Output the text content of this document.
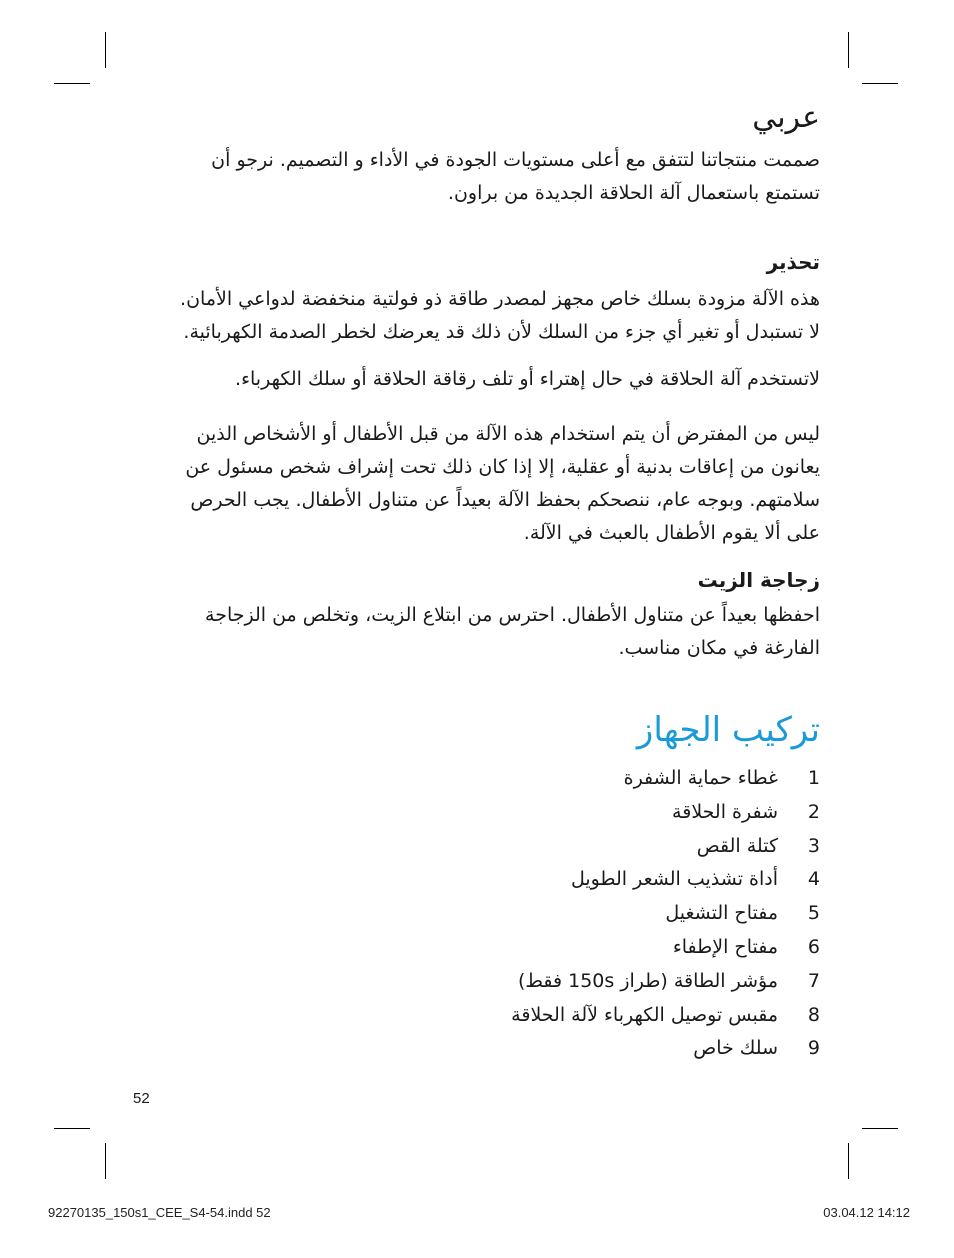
عربي
صممت منتجاتنا لتتفق مع أعلى مستويات الجودة في الأداء و التصميم. نرجو أن
تستمتع باستعمال آلة الحلاقة الجديدة من براون.
تحذير
هذه الآلة مزودة بسلك خاص مجهز لمصدر طاقة ذو فولتية منخفضة لدواعي الأمان.
لا تستبدل أو تغير أي جزء من السلك لأن ذلك قد يعرضك لخطر الصدمة الكهربائية.
لاتستخدم آلة الحلاقة في حال إهتراء أو تلف رقاقة الحلاقة أو سلك الكهرباء.
ليس من المفترض أن يتم استخدام هذه الآلة من قبل الأطفال أو الأشخاص الذين
يعانون من إعاقات بدنية أو عقلية، إلا إذا كان ذلك تحت إشراف شخص مسئول عن
سلامتهم. وبوجه عام، ننصحكم بحفظ الآلة بعيداً عن متناول الأطفال. يجب الحرص
على ألا يقوم الأطفال بالعبث في الآلة.
زجاجة الزيت
احفظها بعيداً عن متناول الأطفال. احترس من ابتلاع الزيت، وتخلص من الزجاجة
الفارغة في مكان مناسب.
تركيب الجهاز
1
غطاء حماية الشفرة
2
شفرة الحلاقة
3
كتلة القص
4
أداة تشذيب الشعر الطويل
5
مفتاح التشغيل
6
مفتاح الإطفاء
7
مؤشر الطاقة (طراز 150s فقط)
8
مقبس توصيل الكهرباء لآلة الحلاقة
9
سلك خاص
52
92270135_150s1_CEE_S4-54.indd 52	03.04.12 14:12
